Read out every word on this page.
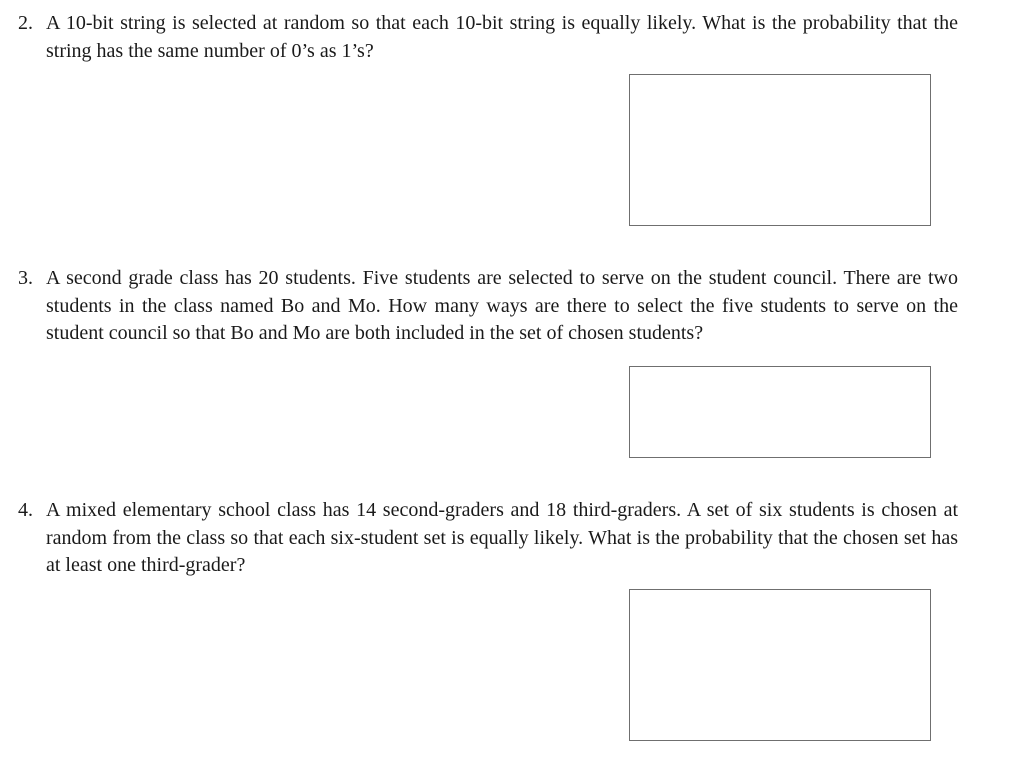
2. A 10-bit string is selected at random so that each 10-bit string is equally likely. What is the probability that the string has the same number of 0’s as 1’s?
3. A second grade class has 20 students. Five students are selected to serve on the student council. There are two students in the class named Bo and Mo. How many ways are there to select the five students to serve on the student council so that Bo and Mo are both included in the set of chosen students?
4. A mixed elementary school class has 14 second-graders and 18 third-graders. A set of six students is chosen at random from the class so that each six-student set is equally likely. What is the probability that the chosen set has at least one third-grader?
